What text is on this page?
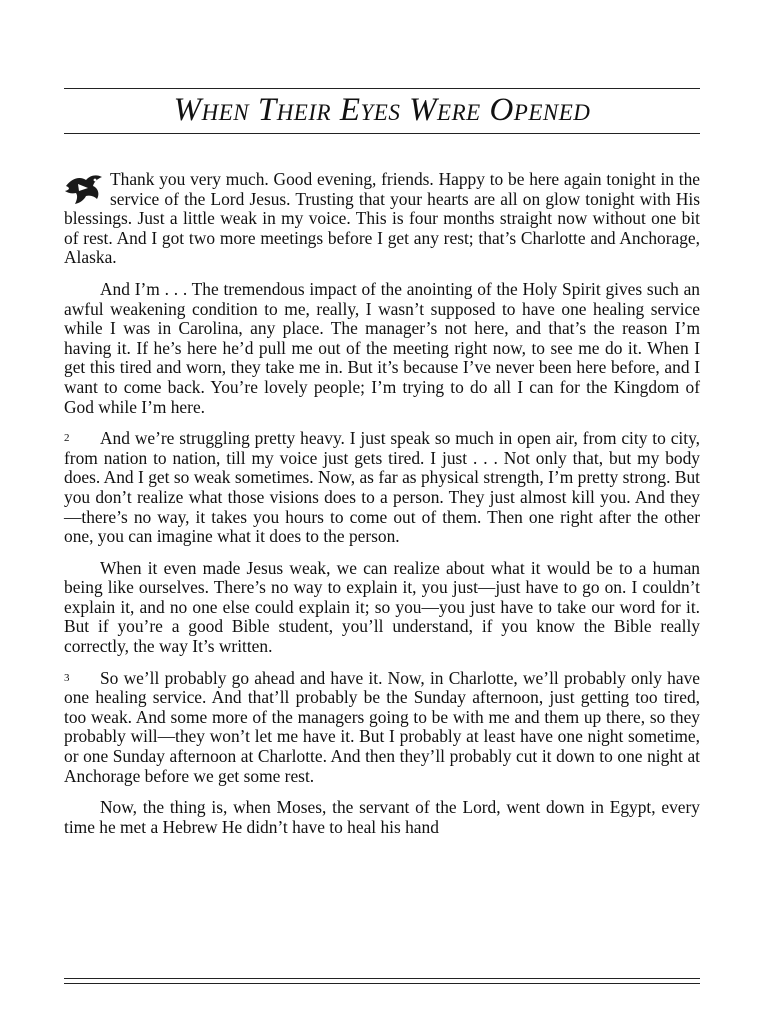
When Their Eyes Were Opened

Thank you very much. Good evening, friends. Happy to be here again tonight in the service of the Lord Jesus. Trusting that your hearts are all on glow tonight with His blessings. Just a little weak in my voice. This is four months straight now without one bit of rest. And I got two more meetings before I get any rest; that’s Charlotte and Anchorage, Alaska.

And I’m . . . The tremendous impact of the anointing of the Holy Spirit gives such an awful weakening condition to me, really, I wasn’t supposed to have one healing service while I was in Carolina, any place. The manager’s not here, and that’s the reason I’m having it. If he’s here he’d pull me out of the meeting right now, to see me do it. When I get this tired and worn, they take me in. But it’s because I’ve never been here before, and I want to come back. You’re lovely people; I’m trying to do all I can for the Kingdom of God while I’m here.

2 And we’re struggling pretty heavy. I just speak so much in open air, from city to city, from nation to nation, till my voice just gets tired. I just . . . Not only that, but my body does. And I get so weak sometimes. Now, as far as physical strength, I’m pretty strong. But you don’t realize what those visions does to a person. They just almost kill you. And they—there’s no way, it takes you hours to come out of them. Then one right after the other one, you can imagine what it does to the person.

When it even made Jesus weak, we can realize about what it would be to a human being like ourselves. There’s no way to explain it, you just—just have to go on. I couldn’t explain it, and no one else could explain it; so you—you just have to take our word for it. But if you’re a good Bible student, you’ll understand, if you know the Bible really correctly, the way It’s written.

3 So we’ll probably go ahead and have it. Now, in Charlotte, we’ll probably only have one healing service. And that’ll probably be the Sunday afternoon, just getting too tired, too weak. And some more of the managers going to be with me and them up there, so they probably will—they won’t let me have it. But I probably at least have one night sometime, or one Sunday afternoon at Charlotte. And then they’ll probably cut it down to one night at Anchorage before we get some rest.

Now, the thing is, when Moses, the servant of the Lord, went down in Egypt, every time he met a Hebrew He didn’t have to heal his hand
